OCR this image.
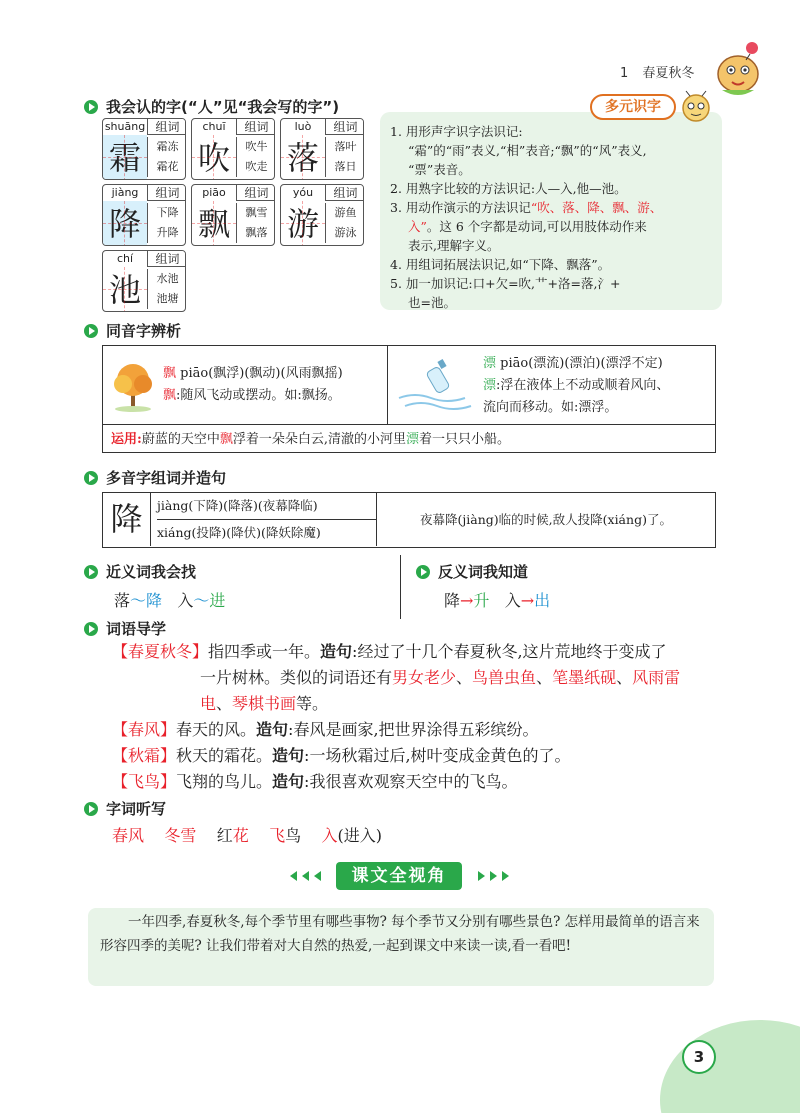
1 春夏秋冬
我会认的字(“人”见“我会写的字”)
shuāng 组词
霜	霜冻
霜花
chuī	组词
吹	吹牛
吹走
luò	组词
落	落叶
落日
jiàng	组词
降	下降
升降
piāo	组词
飘	飘雪
飘落
yóu	组词
游	游鱼
游泳
chí	组词
池	水池
池塘

1. 用形声字识字法识记:

“霜”的“雨”表义,“相”表音;“飘”的“风”表义,

“票”表音。

2. 用熟字比较的方法识记:人—入,他—池。

3. 用动作演示的方法识记“吹、落、降、飘、游、

入”。这 6 个字都是动词,可以用肢体动作来

表示,理解字义。

4. 用组词拓展法识记,如“下降、飘落”。

5. 加一加识记:口+欠=吹,艹+洛=落,氵+

也=池。

多元识字
同音字辨析
飘 piāo(飘浮)(飘动)(风雨飘摇)
飘:随风飞动或摆动。如:飘扬。
漂 piāo(漂流)(漂泊)(漂浮不定)
漂:浮在液体上不动或顺着风向、
流向而移动。如:漂浮。
运用:蔚蓝的天空中飘浮着一朵朵白云,清澈的小河里漂着一只只小船。
多音字组词并造句
降	jiàng(下降)(降落)(夜幕降临)
xiáng(投降)(降伏)(降妖除魔)
夜幕降(jiàng)临的时候,敌人投降(xiáng)了。
近义词我会找
落～降 入～进
反义词我知道
降→升 入→出
词语导学
【春夏秋冬】指四季或一年。造句:经过了十几个春夏秋冬,这片荒地终于变成了
一片树林。类似的词语还有男女老少、鸟兽虫鱼、笔墨纸砚、风雨雷
电、琴棋书画等。
【春风】春天的风。造句:春风是画家,把世界涂得五彩缤纷。
【秋霜】秋天的霜花。造句:一场秋霜过后,树叶变成金黄色的了。
【飞鸟】飞翔的鸟儿。造句:我很喜欢观察天空中的飞鸟。
字词听写
春风 冬雪 红花 飞鸟 入(进入)
课文全视角
一年四季,春夏秋冬,每个季节里有哪些事物? 每个季节又分别有哪些景色? 怎样用最简单的语言来形容四季的美呢? 让我们带着对大自然的热爱,一起到课文中来读一读,看一看吧!
3
